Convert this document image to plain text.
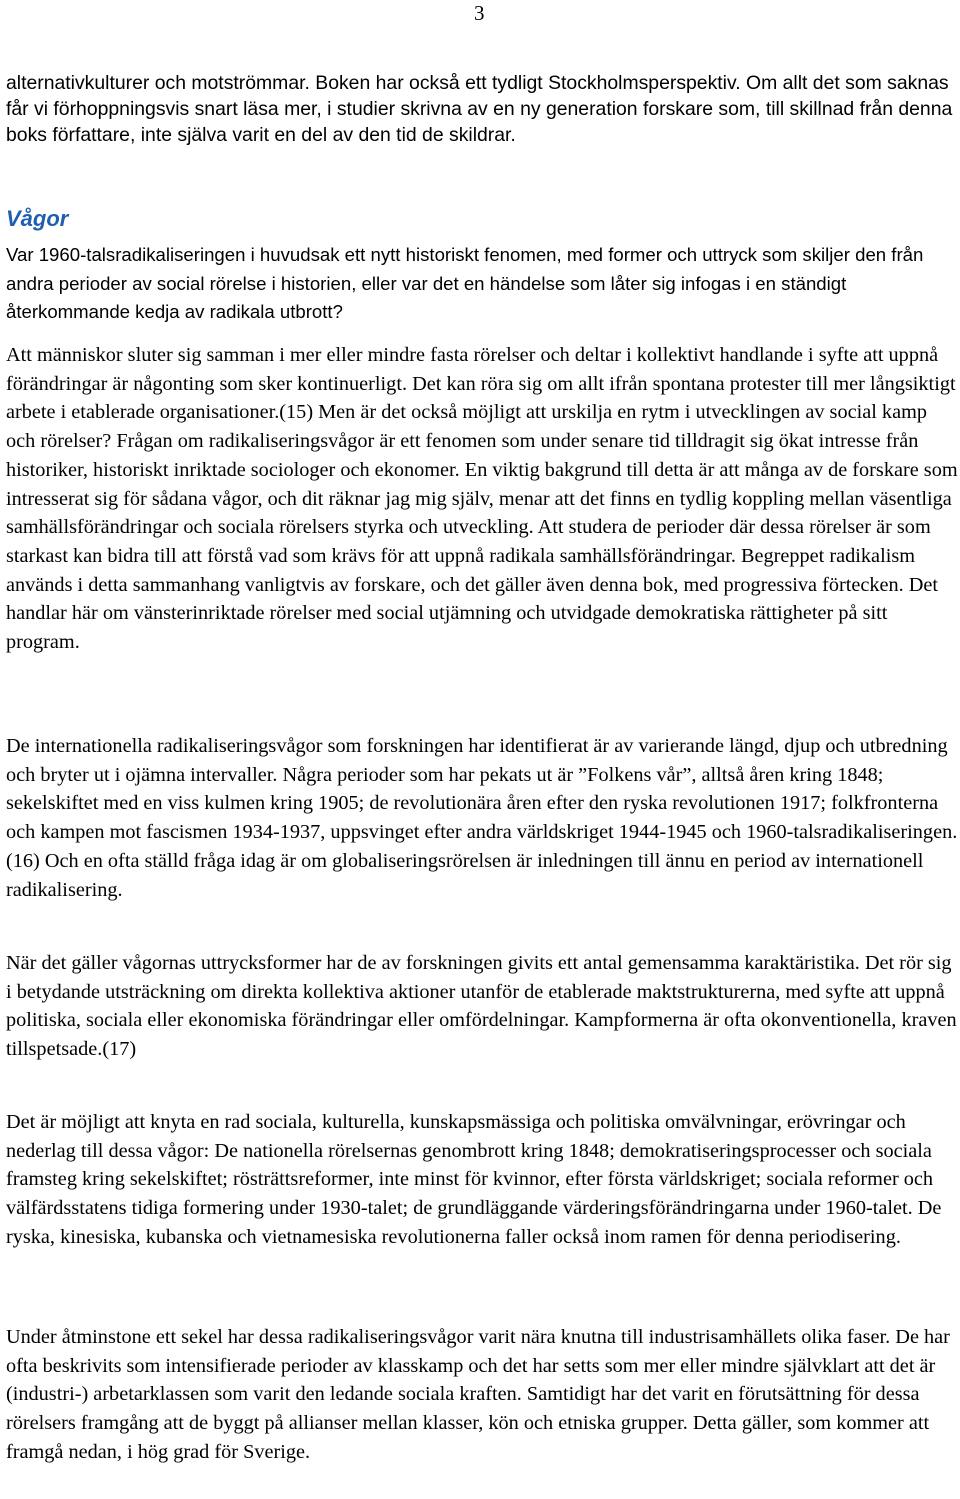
3

alternativkulturer och motströmmar. Boken har också ett tydligt Stockholmsperspektiv. Om allt det som saknas får vi förhoppningsvis snart läsa mer, i studier skrivna av en ny generation forskare som, till skillnad från denna boks författare, inte själva varit en del av den tid de skildrar.

Vågor

Var 1960-talsradikaliseringen i huvudsak ett nytt historiskt fenomen, med former och uttryck som skiljer den från andra perioder av social rörelse i historien, eller var det en händelse som låter sig infogas i en ständigt återkommande kedja av radikala utbrott?

Att människor sluter sig samman i mer eller mindre fasta rörelser och deltar i kollektivt handlande i syfte att uppnå förändringar är någonting som sker kontinuerligt. Det kan röra sig om allt ifrån spontana protester till mer långsiktigt arbete i etablerade organisationer.(15) Men är det också möjligt att urskilja en rytm i utvecklingen av social kamp och rörelser? Frågan om radikaliseringsvågor är ett fenomen som under senare tid tilldragit sig ökat intresse från historiker, historiskt inriktade sociologer och ekonomer. En viktig bakgrund till detta är att många av de forskare som intresserat sig för sådana vågor, och dit räknar jag mig själv, menar att det finns en tydlig koppling mellan väsentliga samhällsförändringar och sociala rörelsers styrka och utveckling. Att studera de perioder där dessa rörelser är som starkast kan bidra till att förstå vad som krävs för att uppnå radikala samhällsförändringar. Begreppet radikalism används i detta sammanhang vanligtvis av forskare, och det gäller även denna bok, med progressiva förtecken. Det handlar här om vänsterinriktade rörelser med social utjämning och utvidgade demokratiska rättigheter på sitt program.

De internationella radikaliseringsvågor som forskningen har identifierat är av varierande längd, djup och utbredning och bryter ut i ojämna intervaller. Några perioder som har pekats ut är ”Folkens vår”, alltså åren kring 1848; sekelskiftet med en viss kulmen kring 1905; de revolutionära åren efter den ryska revolutionen 1917; folkfronterna och kampen mot fascismen 1934-1937, uppsvinget efter andra världskriget 1944-1945 och 1960-talsradikaliseringen.(16) Och en ofta ställd fråga idag är om globaliseringsrörelsen är inledningen till ännu en period av internationell radikalisering.

När det gäller vågornas uttrycksformer har de av forskningen givits ett antal gemensamma karaktäristika. Det rör sig i betydande utsträckning om direkta kollektiva aktioner utanför de etablerade maktstrukturerna, med syfte att uppnå politiska, sociala eller ekonomiska förändringar eller omfördelningar. Kampformerna är ofta okonventionella, kraven tillspetsade.(17)

Det är möjligt att knyta en rad sociala, kulturella, kunskapsmässiga och politiska omvälvningar, erövringar och nederlag till dessa vågor: De nationella rörelsernas genombrott kring 1848; demokratiseringsprocesser och sociala framsteg kring sekelskiftet; rösträttsreformer, inte minst för kvinnor, efter första världskriget; sociala reformer och välfärdsstatens tidiga formering under 1930-talet; de grundläggande värderingsförändringarna under 1960-talet. De ryska, kinesiska, kubanska och vietnamesiska revolutionerna faller också inom ramen för denna periodisering.

Under åtminstone ett sekel har dessa radikaliseringsvågor varit nära knutna till industrisamhällets olika faser. De har ofta beskrivits som intensifierade perioder av klasskamp och det har setts som mer eller mindre självklart att det är (industri-) arbetarklassen som varit den ledande sociala kraften. Samtidigt har det varit en förutsättning för dessa rörelsers framgång att de byggt på allianser mellan klasser, kön och etniska grupper. Detta gäller, som kommer att framgå nedan, i hög grad för Sverige.
